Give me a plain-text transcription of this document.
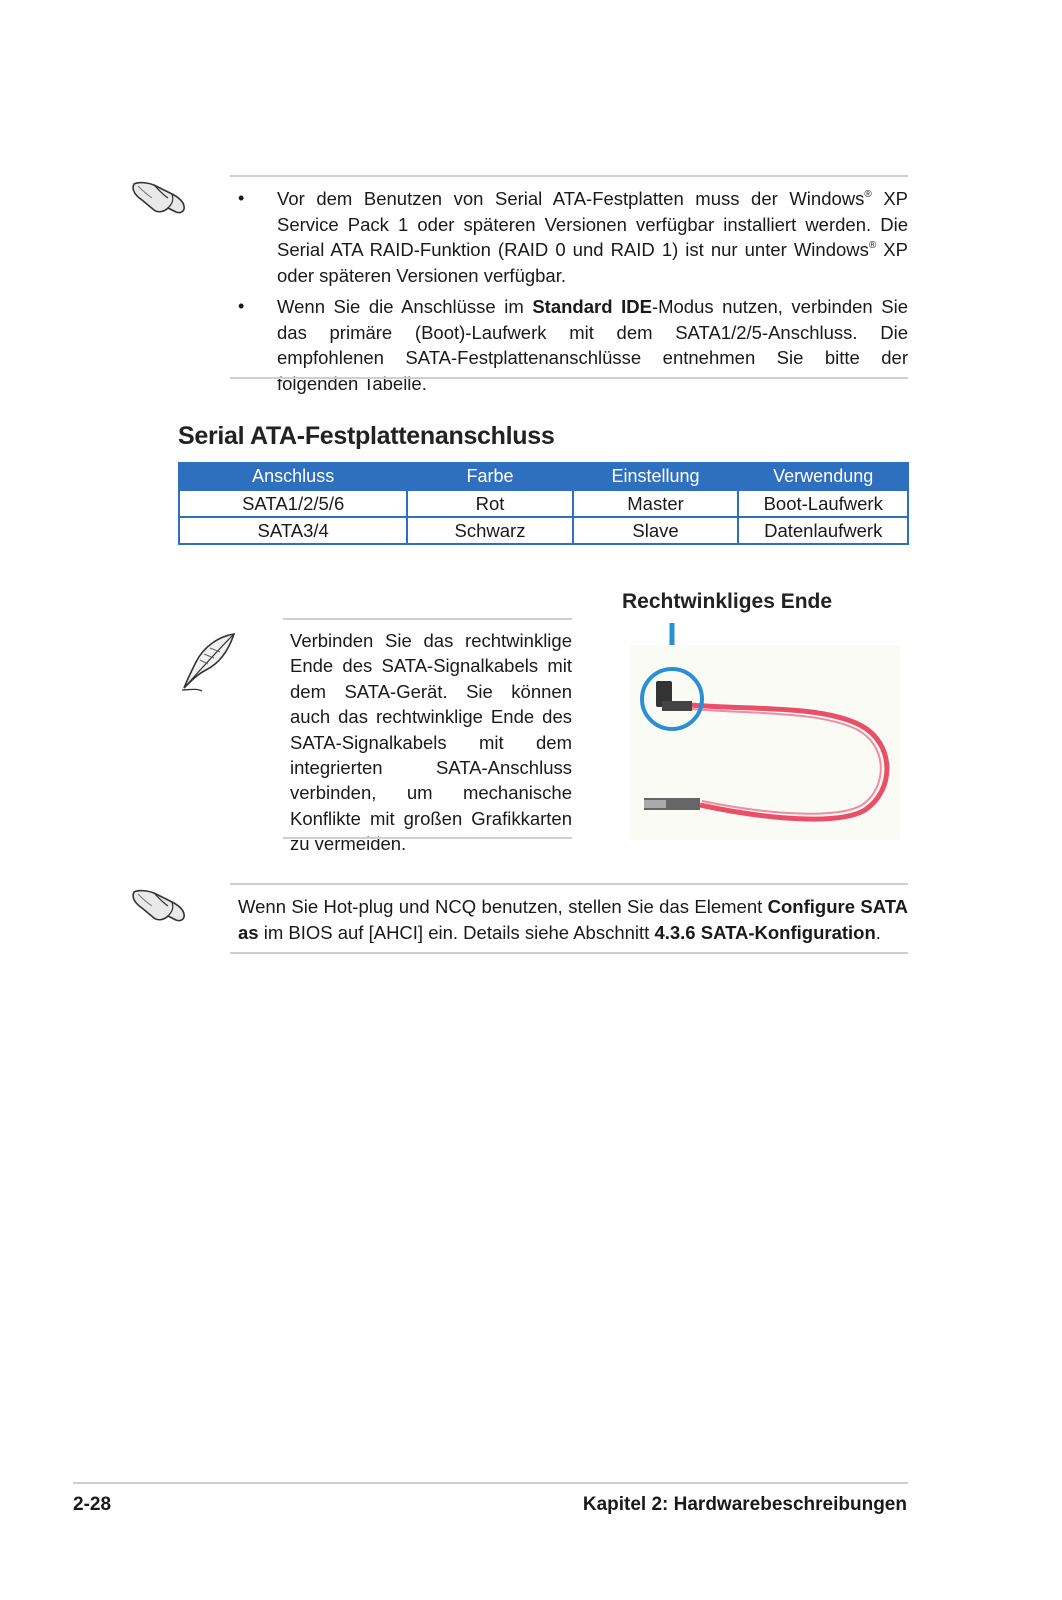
• Vor dem Benutzen von Serial ATA-Festplatten muss der Windows® XP Service Pack 1 oder späteren Versionen verfügbar installiert werden. Die Serial ATA RAID-Funktion (RAID 0 und RAID 1) ist nur unter Windows® XP oder späteren Versionen verfügbar.
• Wenn Sie die Anschlüsse im Standard IDE-Modus nutzen, verbinden Sie das primäre (Boot)-Laufwerk mit dem SATA1/2/5-Anschluss. Die empfohlenen SATA-Festplattenanschlüsse entnehmen Sie bitte der folgenden Tabelle.
Serial ATA-Festplattenanschluss
Anschluss	Farbe	Einstellung	Verwendung
SATA1/2/5/6	Rot	Master	Boot-Laufwerk
SATA3/4	Schwarz	Slave	Datenlaufwerk
Verbinden Sie das rechtwinklige Ende des SATA-Signalkabels mit dem SATA-Gerät. Sie können auch das rechtwinklige Ende des SATA-Signalkabels mit dem integrierten SATA-Anschluss verbinden, um mechanische Konflikte mit großen Grafikkarten zu vermeiden.
Rechtwinkliges Ende
Wenn Sie Hot-plug und NCQ benutzen, stellen Sie das Element Configure SATA as im BIOS auf [AHCI] ein. Details siehe Abschnitt 4.3.6 SATA-Konfiguration.
2-28	Kapitel 2: Hardwarebeschreibungen
